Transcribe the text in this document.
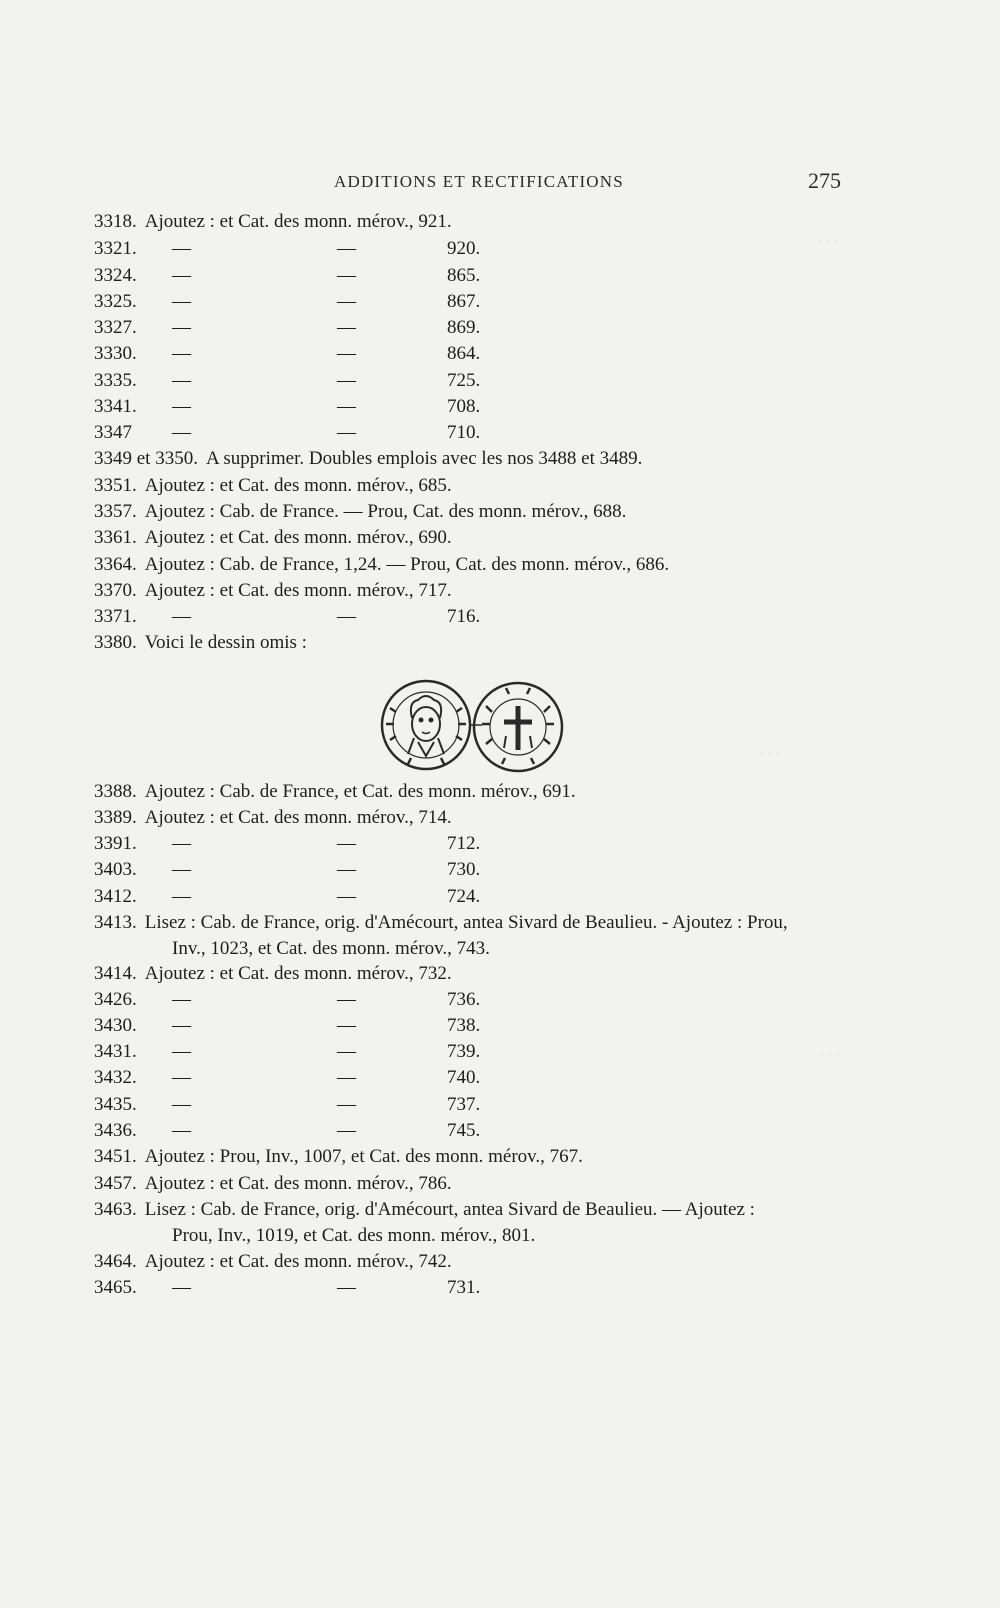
ADDITIONS ET RECTIFICATIONS	275
3318. Ajoutez : et Cat. des monn. mérov., 921.
3321. —	—	920.
3324. —	—	865.
3325. —	—	867.
3327. —	—	869.
3330. —	—	864.
3335. —	—	725.
3341. —	—	708.
3347 —	—	710.
3349 et 3350. A supprimer. Doubles emplois avec les nos 3488 et 3489.
3351. Ajoutez : et Cat. des monn. mérov., 685.
3357. Ajoutez : Cab. de France. — Prou, Cat. des monn. mérov., 688.
3361. Ajoutez : et Cat. des monn. mérov., 690.
3364. Ajoutez : Cab. de France, 1,24. — Prou, Cat. des monn. mérov., 686.
3370. Ajoutez : et Cat. des monn. mérov., 717.
3371. —	—	716.
3380. Voici le dessin omis :
3388. Ajoutez : Cab. de France, et Cat. des monn. mérov., 691.
3389. Ajoutez : et Cat. des monn. mérov., 714.
3391. —	—	712.
3403. —	—	730.
3412. —	—	724.
3413. Lisez : Cab. de France, orig. d'Amécourt, antea Sivard de Beaulieu. - Ajoutez : Prou,
Inv., 1023, et Cat. des monn. mérov., 743.
3414. Ajoutez : et Cat. des monn. mérov., 732.
3426. —	—	736.
3430. —	—	738.
3431. —	—	739.
3432. —	—	740.
3435. —	—	737.
3436. —	—	745.
3451. Ajoutez : Prou, Inv., 1007, et Cat. des monn. mérov., 767.
3457. Ajoutez : et Cat. des monn. mérov., 786.
3463. Lisez : Cab. de France, orig. d'Amécourt, antea Sivard de Beaulieu. — Ajoutez :
Prou, Inv., 1019, et Cat. des monn. mérov., 801.
3464. Ajoutez : et Cat. des monn. mérov., 742.
3465. —	—	731.
. . .
. . .
. . .
